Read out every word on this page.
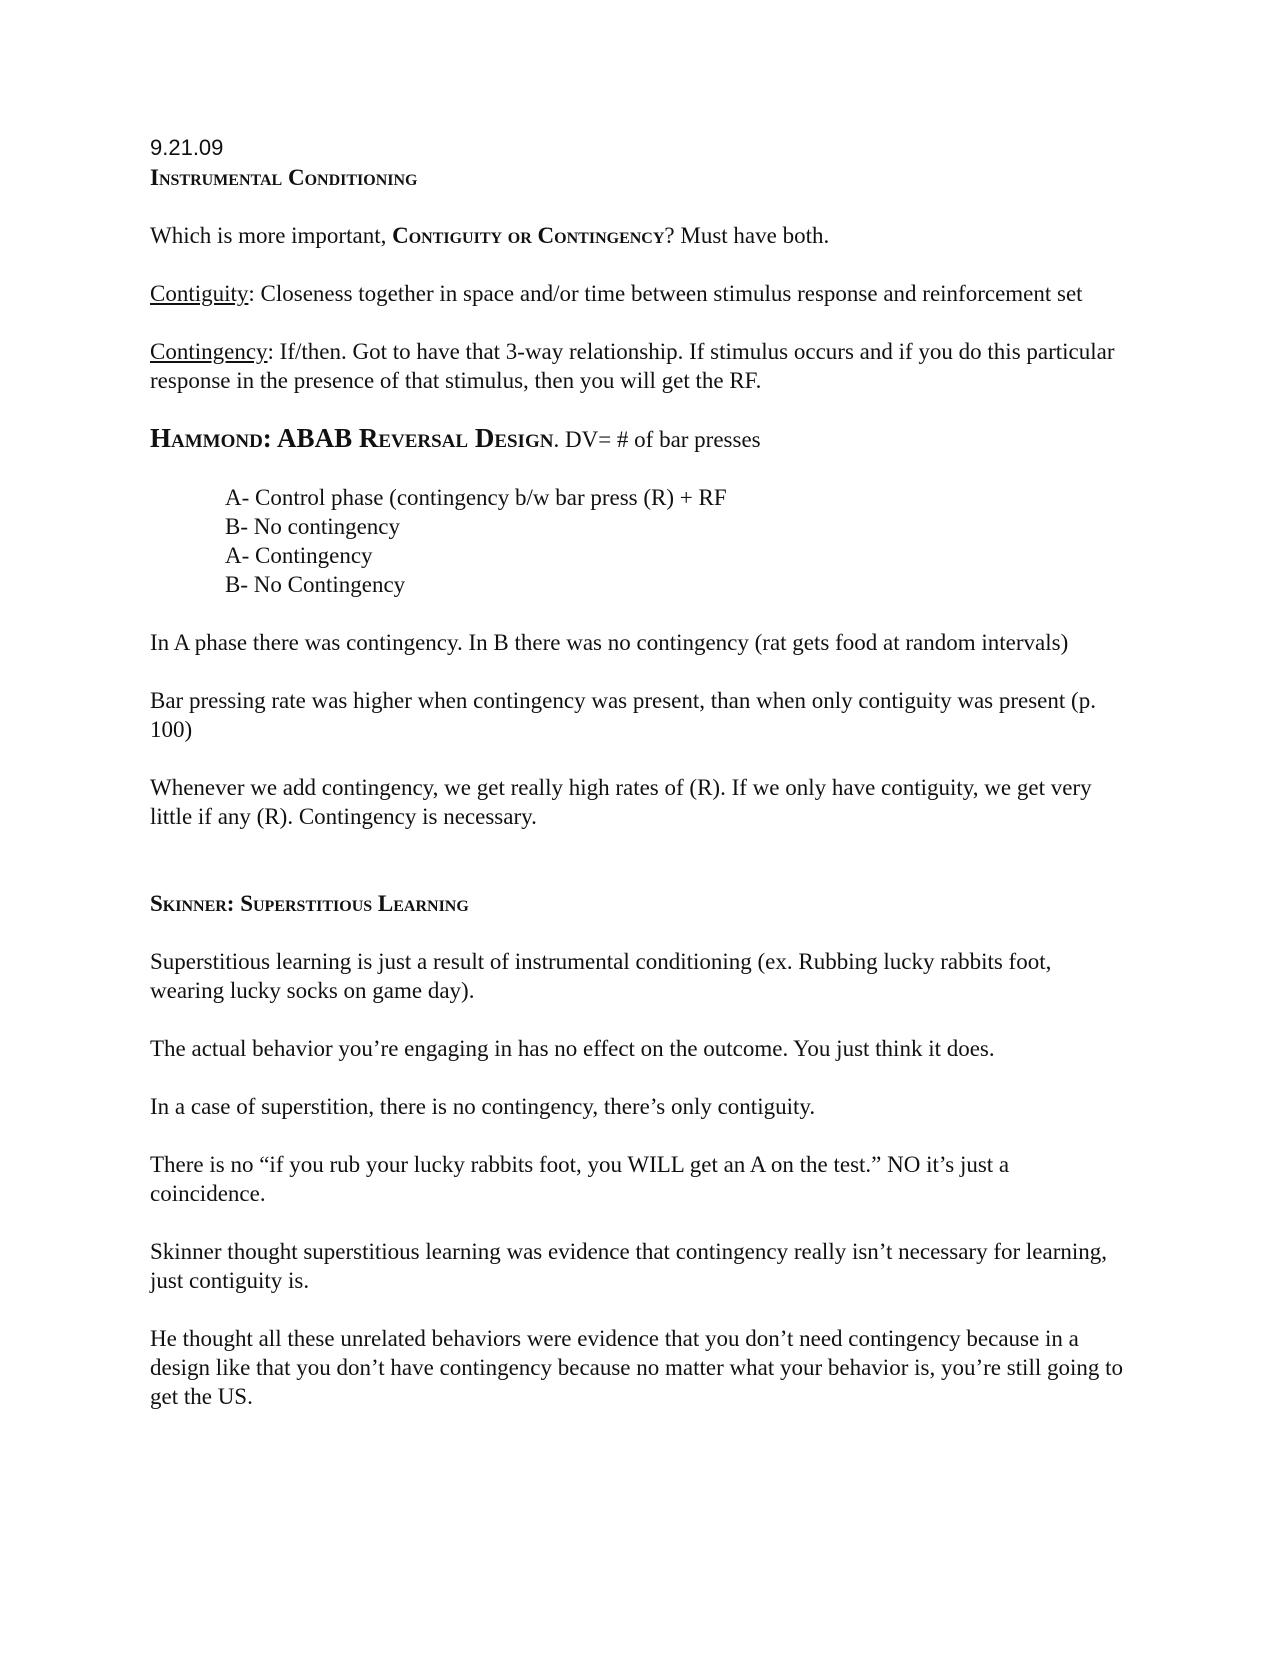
9.21.09

Instrumental Conditioning

Which is more important, Contiguity or Contingency? Must have both.

Contiguity: Closeness together in space and/or time between stimulus response and reinforcement set

Contingency: If/then. Got to have that 3-way relationship. If stimulus occurs and if you do this particular response in the presence of that stimulus, then you will get the RF.

Hammond: ABAB Reversal Design. DV= # of bar presses

A- Control phase (contingency b/w bar press (R) + RF
B- No contingency
A- Contingency
B- No Contingency

In A phase there was contingency. In B there was no contingency (rat gets food at random intervals)

Bar pressing rate was higher when contingency was present, than when only contiguity was present (p. 100)

Whenever we add contingency, we get really high rates of (R). If we only have contiguity, we get very little if any (R). Contingency is necessary.

Skinner: Superstitious Learning

Superstitious learning is just a result of instrumental conditioning (ex. Rubbing lucky rabbits foot, wearing lucky socks on game day).

The actual behavior you’re engaging in has no effect on the outcome. You just think it does.

In a case of superstition, there is no contingency, there’s only contiguity.

There is no “if you rub your lucky rabbits foot, you WILL get an A on the test.” NO it’s just a coincidence.

Skinner thought superstitious learning was evidence that contingency really isn’t necessary for learning, just contiguity is.

He thought all these unrelated behaviors were evidence that you don’t need contingency because in a design like that you don’t have contingency because no matter what your behavior is, you’re still going to get the US.
